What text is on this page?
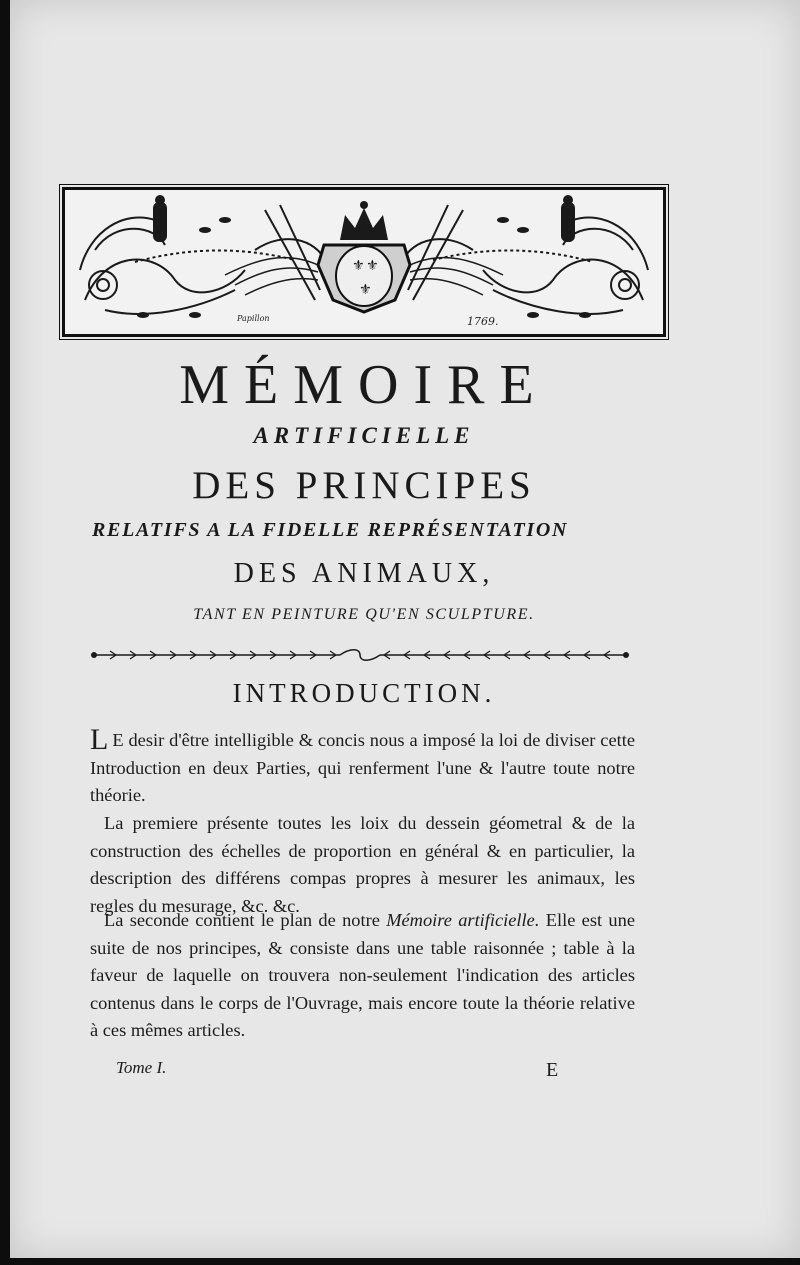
⚜ ⚜
⚜
Papillon	1769.
MÉMOIRE
ARTIFICIELLE
DES PRINCIPES
RELATIFS A LA FIDELLE REPRÉSENTATION
DES ANIMAUX,
TANT EN PEINTURE QU'EN SCULPTURE.
INTRODUCTION.
L E desir d'être intelligible & concis nous a imposé la loi de diviser cette Introduction en deux Parties, qui renferment l'une & l'autre toute notre théorie.
La premiere présente toutes les loix du dessein géometral & de la construction des échelles de proportion en général & en particulier, la description des différens compas propres à mesurer les animaux, les regles du mesurage, &c. &c.
La seconde contient le plan de notre Mémoire artificielle. Elle est une suite de nos principes, & consiste dans une table raisonnée ; table à la faveur de laquelle on trouvera non-seulement l'indication des articles contenus dans le corps de l'Ouvrage, mais encore toute la théorie relative à ces mêmes articles.
Tome I.	E
